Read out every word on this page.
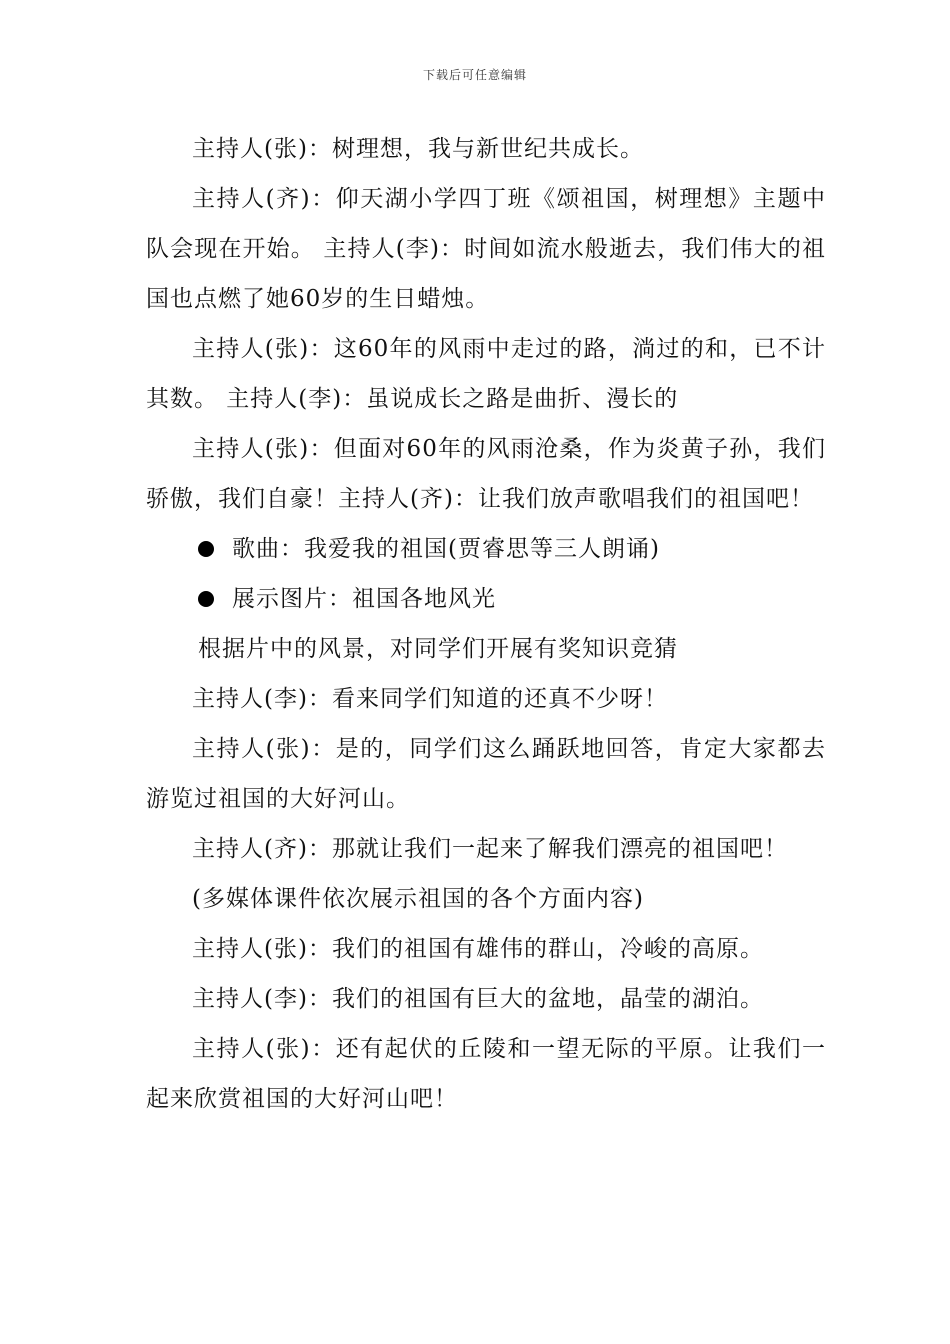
下载后可任意编辑

主持人(张)：树理想，我与新世纪共成长。

主持人(齐)：仰天湖小学四丁班《颂祖国，树理想》主题中队会现在开始。 主持人(李)：时间如流水般逝去，我们伟大的祖国也点燃了她60岁的生日蜡烛。

主持人(张)：这60年的风雨中走过的路，淌过的和，已不计其数。 主持人(李)：虽说成长之路是曲折、漫长的

主持人(张)：但面对60年的风雨沧桑，作为炎黄子孙，我们骄傲，我们自豪！主持人(齐)：让我们放声歌唱我们的祖国吧！

歌曲：我爱我的祖国(贾睿思等三人朗诵)
展示图片：祖国各地风光

根据片中的风景，对同学们开展有奖知识竞猜

主持人(李)：看来同学们知道的还真不少呀！

主持人(张)：是的，同学们这么踊跃地回答，肯定大家都去游览过祖国的大好河山。

主持人(齐)：那就让我们一起来了解我们漂亮的祖国吧！

(多媒体课件依次展示祖国的各个方面内容)

主持人(张)：我们的祖国有雄伟的群山，冷峻的高原。

主持人(李)：我们的祖国有巨大的盆地，晶莹的湖泊。

主持人(张)：还有起伏的丘陵和一望无际的平原。让我们一起来欣赏祖国的大好河山吧！
